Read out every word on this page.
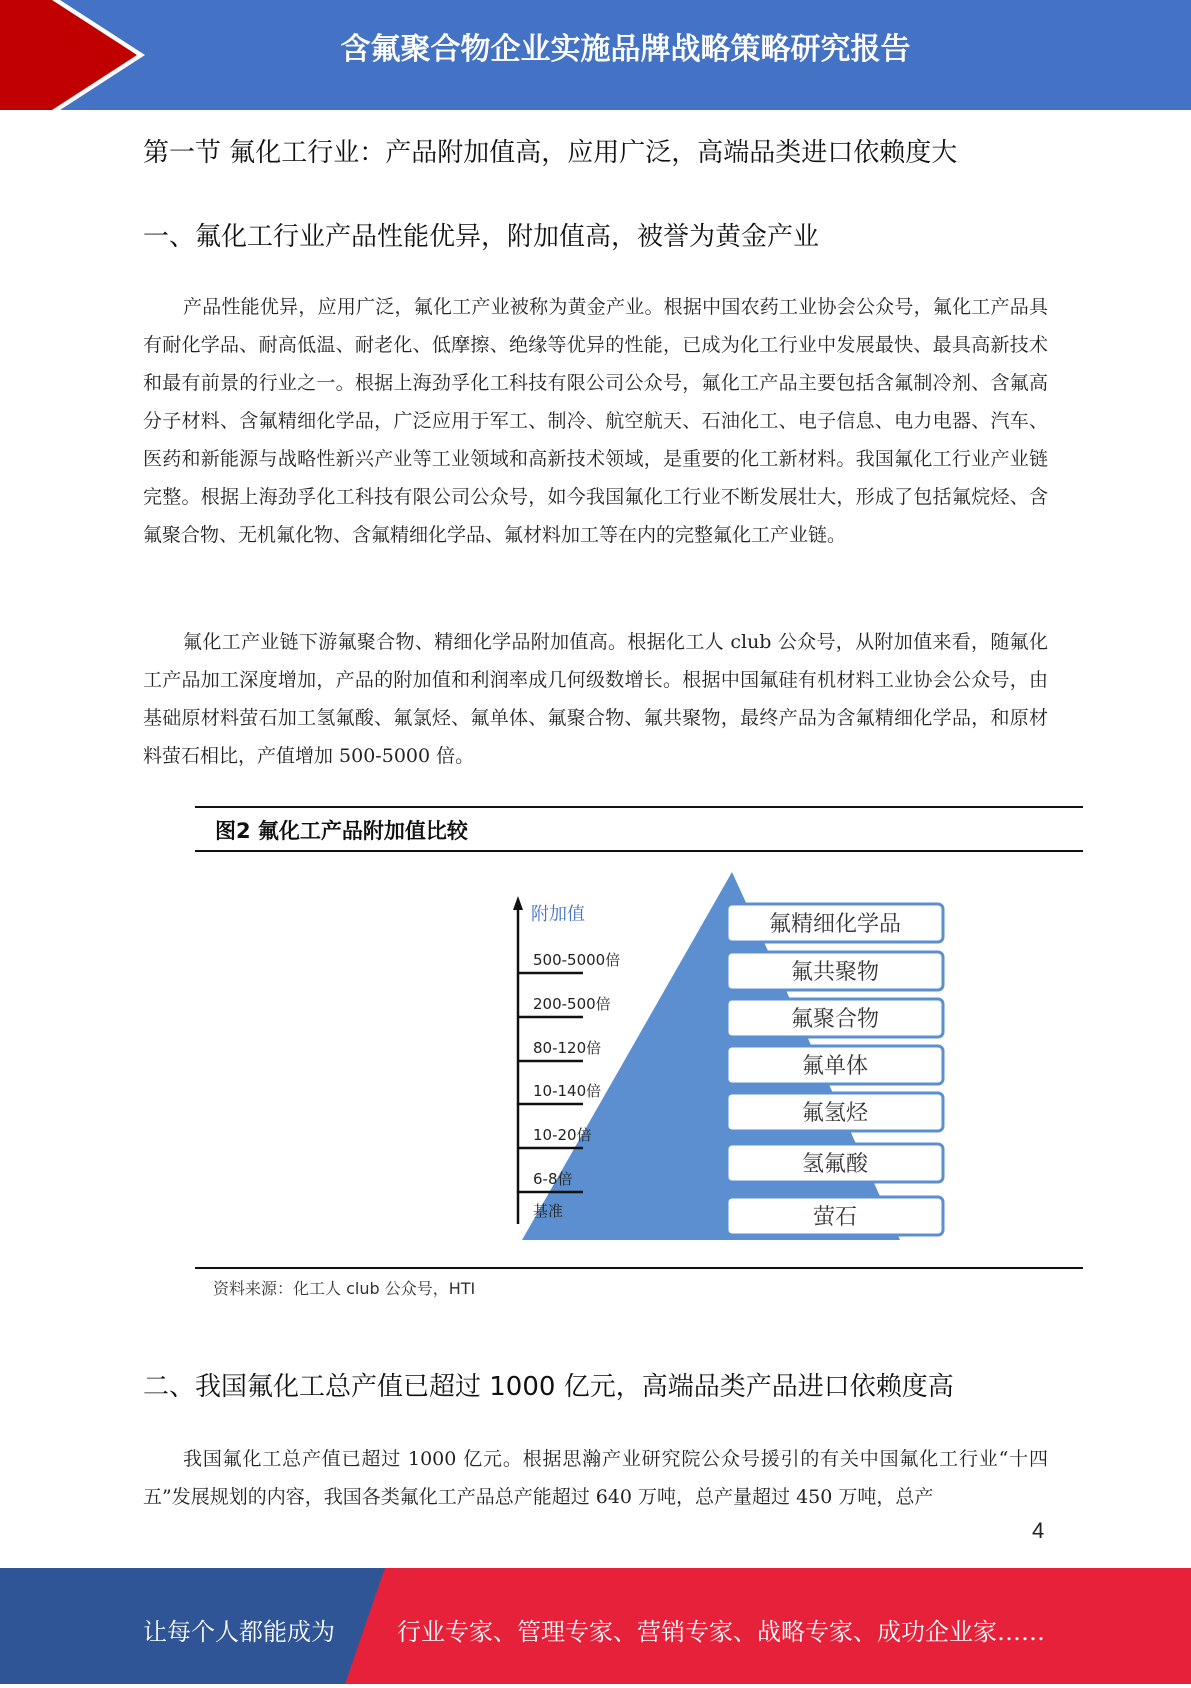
含氟聚合物企业实施品牌战略策略研究报告
第一节 氟化工行业：产品附加值高，应用广泛，高端品类进口依赖度大
一、氟化工行业产品性能优异，附加值高，被誉为黄金产业
产品性能优异，应用广泛，氟化工产业被称为黄金产业。根据中国农药工业协会公众号，氟化工产品具有耐化学品、耐高低温、耐老化、低摩擦、绝缘等优异的性能，已成为化工行业中发展最快、最具高新技术和最有前景的行业之一。根据上海劲孚化工科技有限公司公众号，氟化工产品主要包括含氟制冷剂、含氟高分子材料、含氟精细化学品，广泛应用于军工、制冷、航空航天、石油化工、电子信息、电力电器、汽车、医药和新能源与战略性新兴产业等工业领域和高新技术领域，是重要的化工新材料。我国氟化工行业产业链完整。根据上海劲孚化工科技有限公司公众号，如今我国氟化工行业不断发展壮大，形成了包括氟烷烃、含氟聚合物、无机氟化物、含氟精细化学品、氟材料加工等在内的完整氟化工产业链。
氟化工产业链下游氟聚合物、精细化学品附加值高。根据化工人 club 公众号，从附加值来看，随氟化工产品加工深度增加，产品的附加值和利润率成几何级数增长。根据中国氟硅有机材料工业协会公众号，由基础原材料萤石加工氢氟酸、氟氯烃、氟单体、氟聚合物、氟共聚物，最终产品为含氟精细化学品，和原材料萤石相比，产值增加 500-5000 倍。
图2 氟化工产品附加值比较
附加值
500-5000倍
200-500倍
80-120倍
10-140倍
10-20倍
6-8倍
基准
氟精细化学品
氟共聚物
氟聚合物
氟单体
氟氢烃
氢氟酸
萤石
资料来源：化工人 club 公众号，HTI
二、我国氟化工总产值已超过 1000 亿元，高端品类产品进口依赖度高
我国氟化工总产值已超过 1000 亿元。根据思瀚产业研究院公众号援引的有关中国氟化工行业“十四五”发展规划的内容，我国各类氟化工产品总产能超过 640 万吨，总产量超过 450 万吨，总产
4
让每个人都能成为	行业专家、管理专家、营销专家、战略专家、成功企业家……
